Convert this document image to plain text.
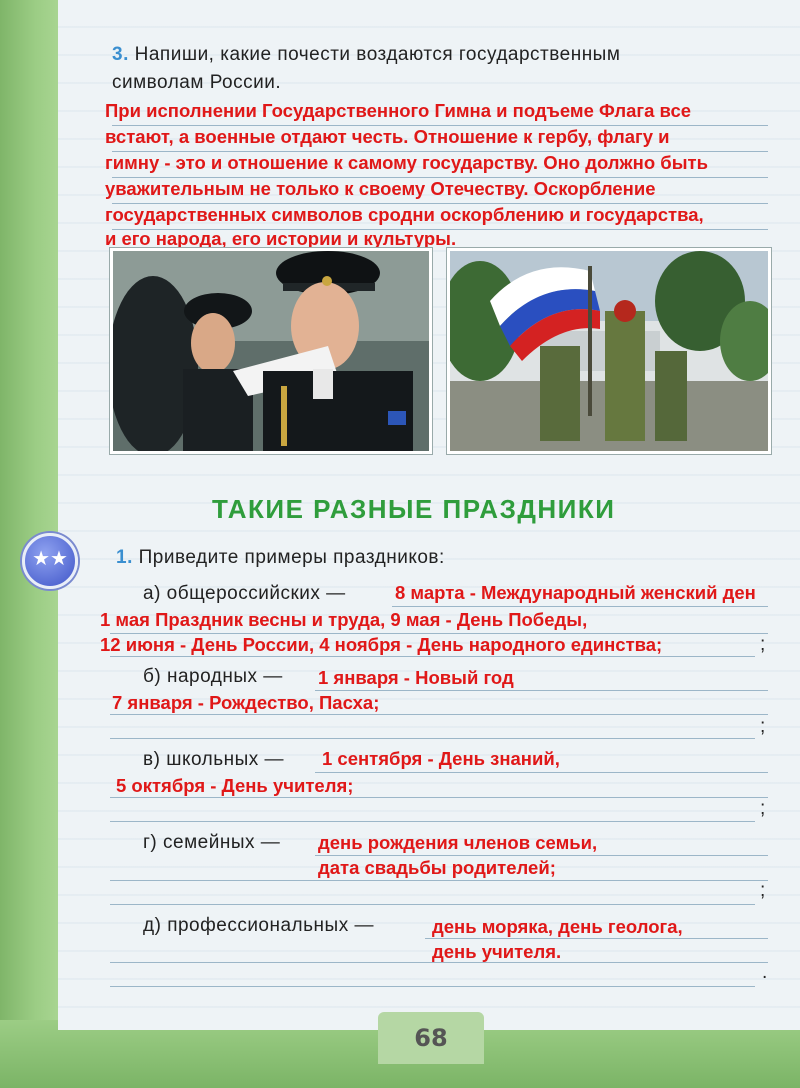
3. Напиши, какие почести воздаются государственным
символам России.
При исполнении Государственного Гимна и подъеме Флага все
встают, а военные отдают честь. Отношение к гербу, флагу и
гимну - это и отношение к самому государству. Оно должно быть
уважительным не только к своему Отечеству. Оскорбление
государственных символов сродни оскорблению и государства,
и его народа, его истории и культуры.
ТАКИЕ РАЗНЫЕ ПРАЗДНИКИ
★★	1. Приведите примеры праздников:
а) общероссийских —	8 марта - Международный женский ден
1 мая Праздник весны и труда, 9 мая - День Победы,
12 июня - День России, 4 ноября - День народного единства;	;
б) народных — 1 января - Новый год
7 января - Рождество, Пасха;
;
в) школьных — 1 сентября - День знаний,
5 октября - День учителя;
;
г) семейных — день рождения членов семьи,
дата свадьбы родителей;
;
д) профессиональных —	день моряка, день геолога,
день учителя.
.
68
